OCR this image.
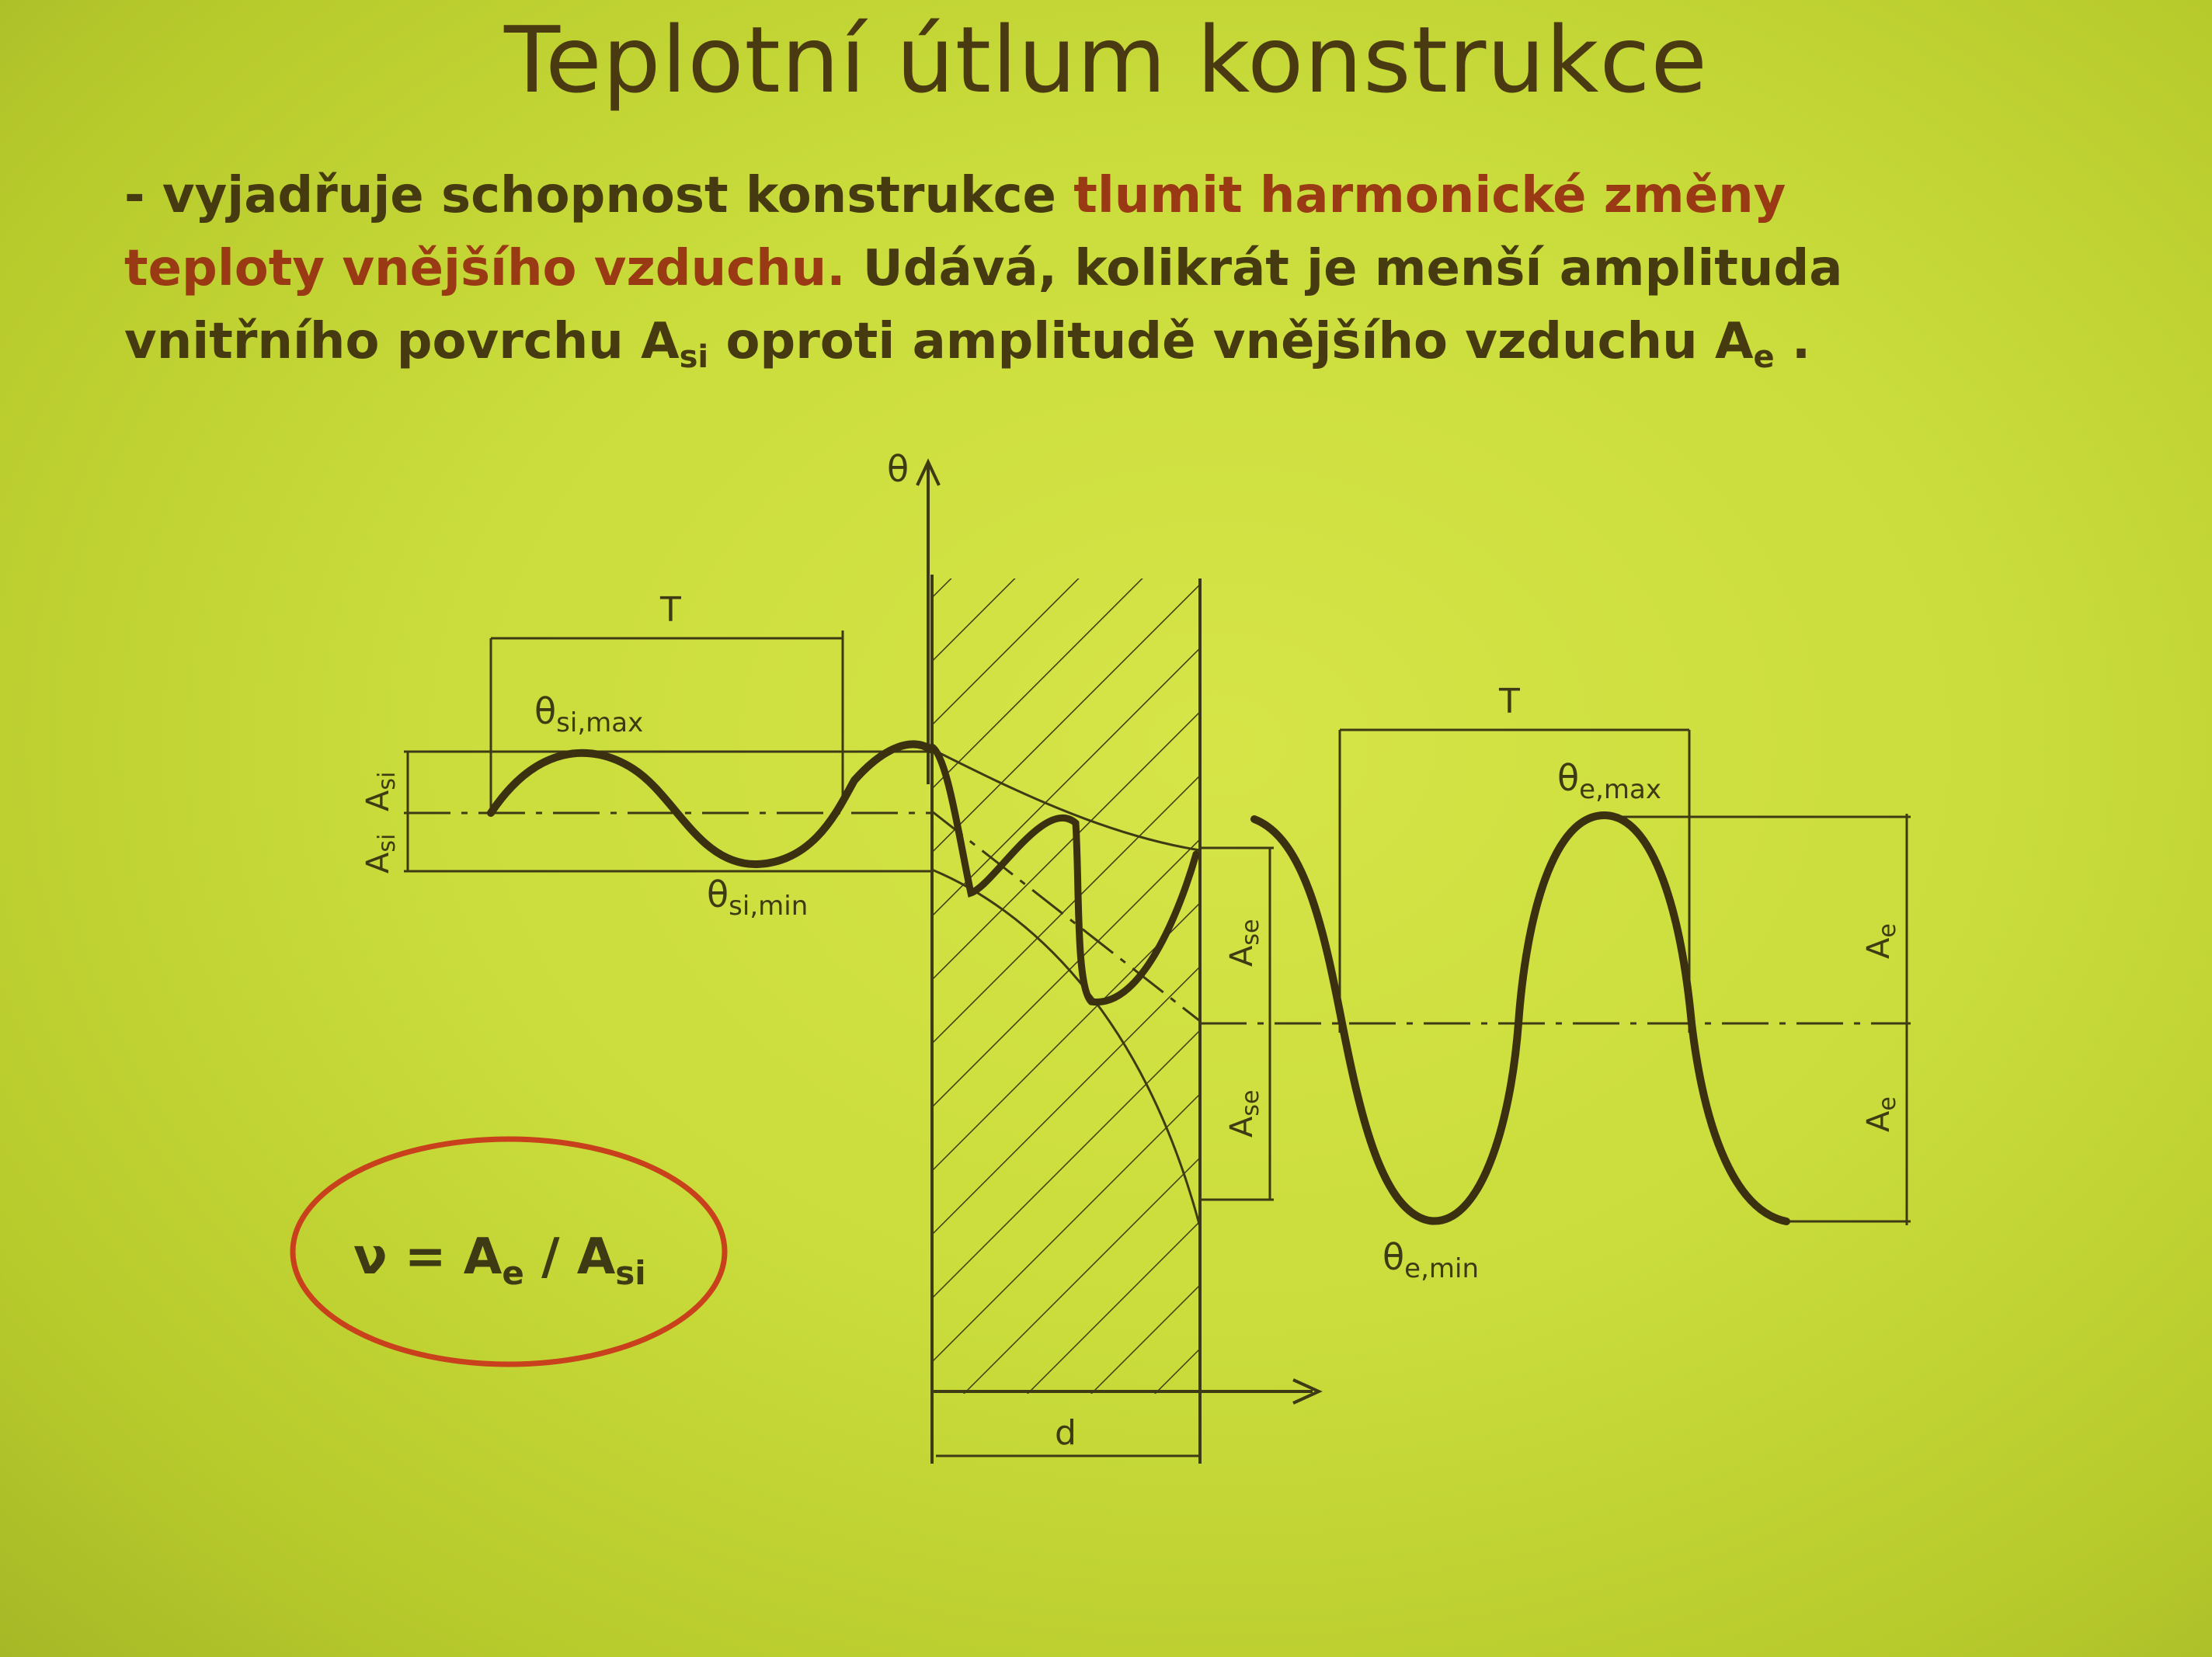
Teplotní útlum konstrukce
- vyjadřuje schopnost konstrukce tlumit harmonické změny
teploty vnějšího vzduchu. Udává, kolikrát je menší amplituda
vnitřního povrchu $A_{si}$ oproti amplitudě vnějšího vzduchu $A_e$ .
θ
T
T
$\theta_{si,max}$
$\theta_{si,min}$
$\theta_{e,max}$
$\theta_{e,min}$
$A_{si}$
$A_{si}$
$A_{se}$
$A_{se}$
$A_e$
$A_e$
d
$\nu = A_e / A_{si}$
